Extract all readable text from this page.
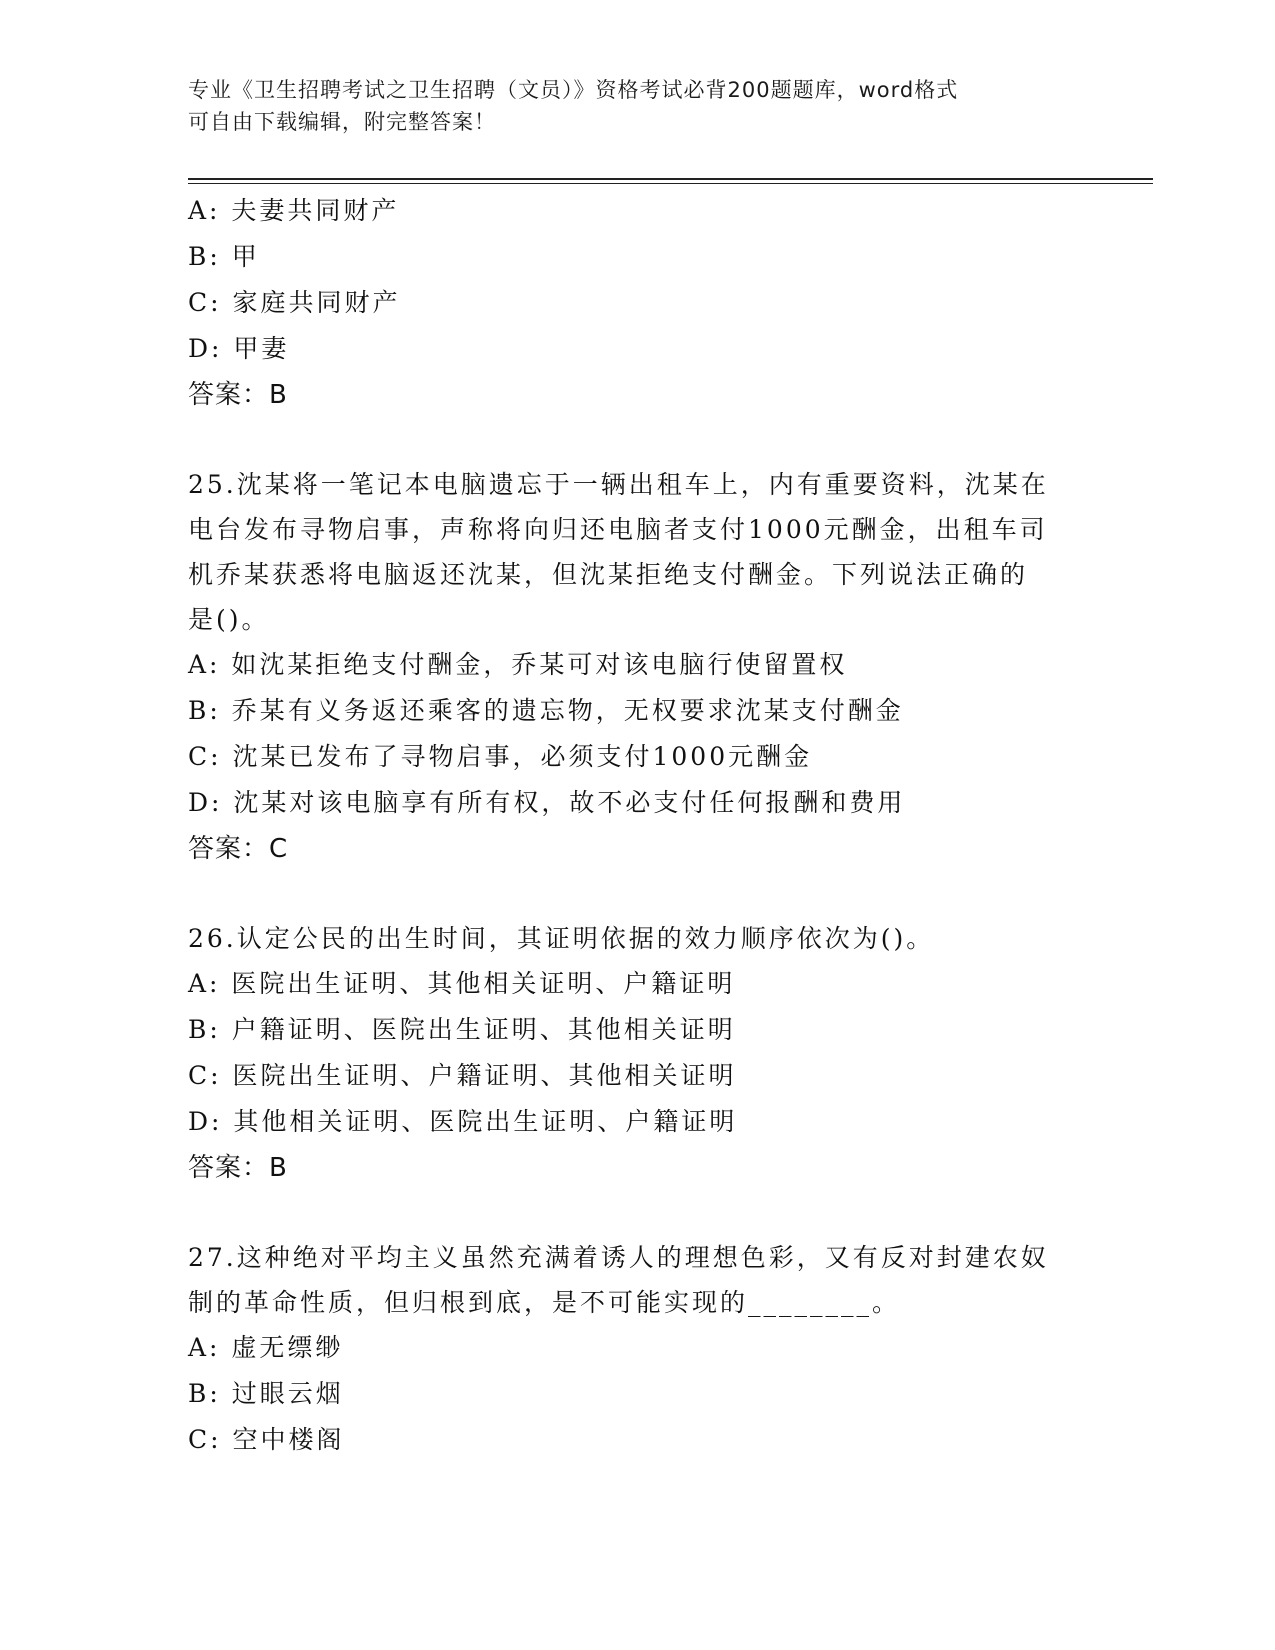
专业《卫生招聘考试之卫生招聘（文员）》资格考试必背200题题库，word格式
可自由下载编辑，附完整答案！
A: 夫妻共同财产
B: 甲
C: 家庭共同财产
D: 甲妻
答案：B
25.沈某将一笔记本电脑遗忘于一辆出租车上，内有重要资料，沈某在
电台发布寻物启事，声称将向归还电脑者支付1000元酬金，出租车司
机乔某获悉将电脑返还沈某，但沈某拒绝支付酬金。下列说法正确的
是()。
A: 如沈某拒绝支付酬金，乔某可对该电脑行使留置权
B: 乔某有义务返还乘客的遗忘物，无权要求沈某支付酬金
C: 沈某已发布了寻物启事，必须支付1000元酬金
D: 沈某对该电脑享有所有权，故不必支付任何报酬和费用
答案：C
26.认定公民的出生时间，其证明依据的效力顺序依次为()。
A: 医院出生证明、其他相关证明、户籍证明
B: 户籍证明、医院出生证明、其他相关证明
C: 医院出生证明、户籍证明、其他相关证明
D: 其他相关证明、医院出生证明、户籍证明
答案：B
27.这种绝对平均主义虽然充满着诱人的理想色彩，又有反对封建农奴
制的革命性质，但归根到底，是不可能实现的________。
A: 虚无缥缈
B: 过眼云烟
C: 空中楼阁
